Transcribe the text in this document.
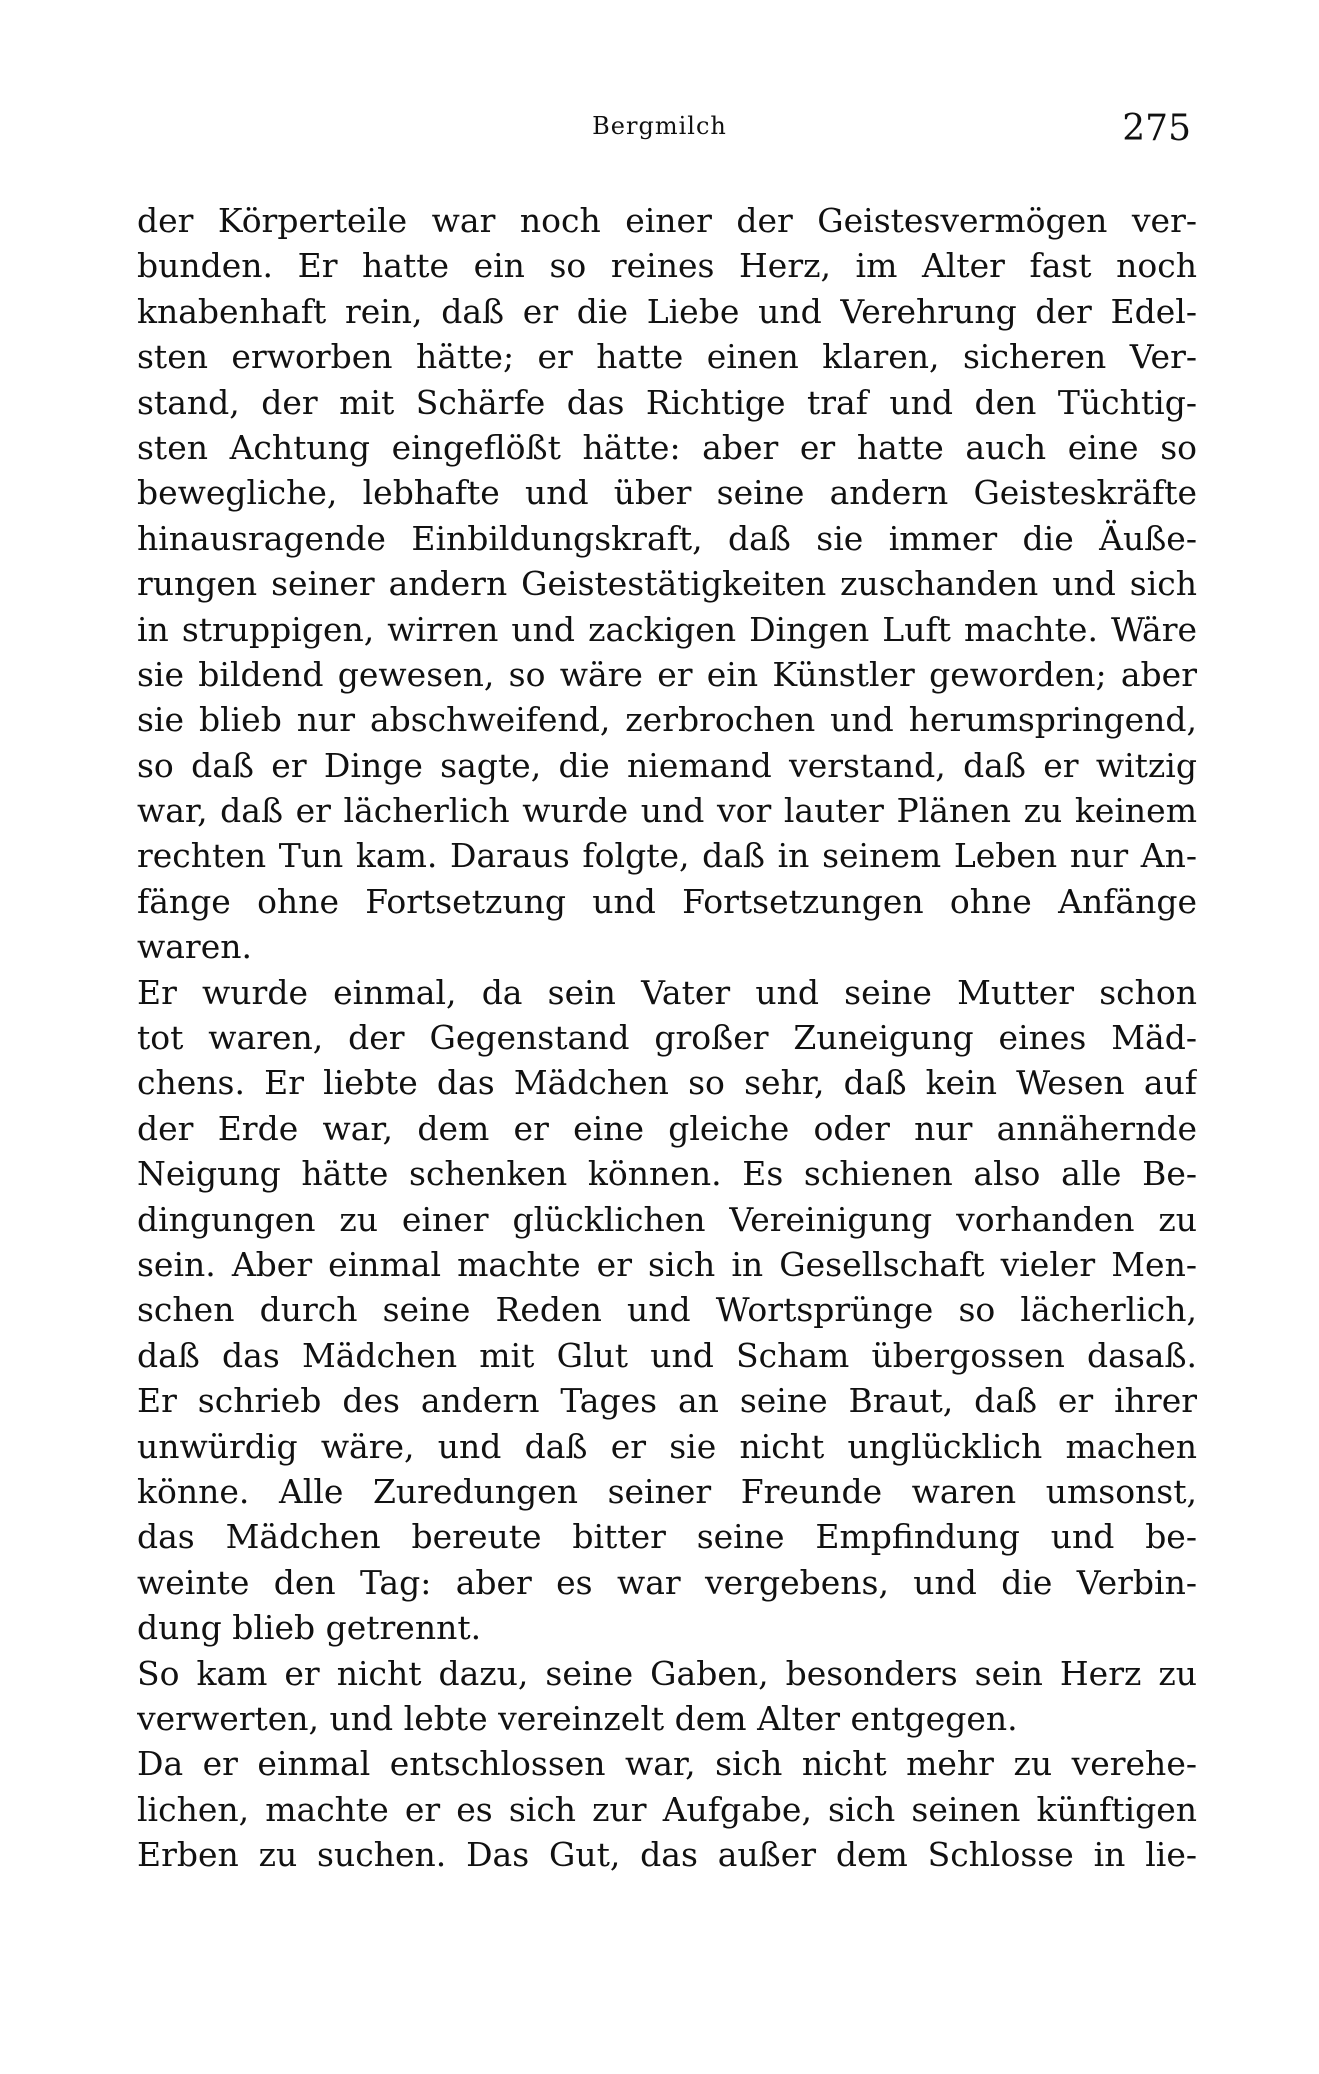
Bergmilch	275
der Körperteile war noch einer der Geistesvermögen ver-
bunden. Er hatte ein so reines Herz, im Alter fast noch
knabenhaft rein, daß er die Liebe und Verehrung der Edel-
sten erworben hätte; er hatte einen klaren, sicheren Ver-
stand, der mit Schärfe das Richtige traf und den Tüchtig-
sten Achtung eingeflößt hätte: aber er hatte auch eine so
bewegliche, lebhafte und über seine andern Geisteskräfte
hinausragende Einbildungskraft, daß sie immer die Äuße-
rungen seiner andern Geistestätigkeiten zuschanden und sich
in struppigen, wirren und zackigen Dingen Luft machte. Wäre
sie bildend gewesen, so wäre er ein Künstler geworden; aber
sie blieb nur abschweifend, zerbrochen und herumspringend,
so daß er Dinge sagte, die niemand verstand, daß er witzig
war, daß er lächerlich wurde und vor lauter Plänen zu keinem
rechten Tun kam. Daraus folgte, daß in seinem Leben nur An-
fänge ohne Fortsetzung und Fortsetzungen ohne Anfänge
waren.
Er wurde einmal, da sein Vater und seine Mutter schon
tot waren, der Gegenstand großer Zuneigung eines Mäd-
chens. Er liebte das Mädchen so sehr, daß kein Wesen auf
der Erde war, dem er eine gleiche oder nur annähernde
Neigung hätte schenken können. Es schienen also alle Be-
dingungen zu einer glücklichen Vereinigung vorhanden zu
sein. Aber einmal machte er sich in Gesellschaft vieler Men-
schen durch seine Reden und Wortsprünge so lächerlich,
daß das Mädchen mit Glut und Scham übergossen dasaß.
Er schrieb des andern Tages an seine Braut, daß er ihrer
unwürdig wäre, und daß er sie nicht unglücklich machen
könne. Alle Zuredungen seiner Freunde waren umsonst,
das Mädchen bereute bitter seine Empfindung und be-
weinte den Tag: aber es war vergebens, und die Verbin-
dung blieb getrennt.
So kam er nicht dazu, seine Gaben, besonders sein Herz zu
verwerten, und lebte vereinzelt dem Alter entgegen.
Da er einmal entschlossen war, sich nicht mehr zu verehe-
lichen, machte er es sich zur Aufgabe, sich seinen künftigen
Erben zu suchen. Das Gut, das außer dem Schlosse in lie-
